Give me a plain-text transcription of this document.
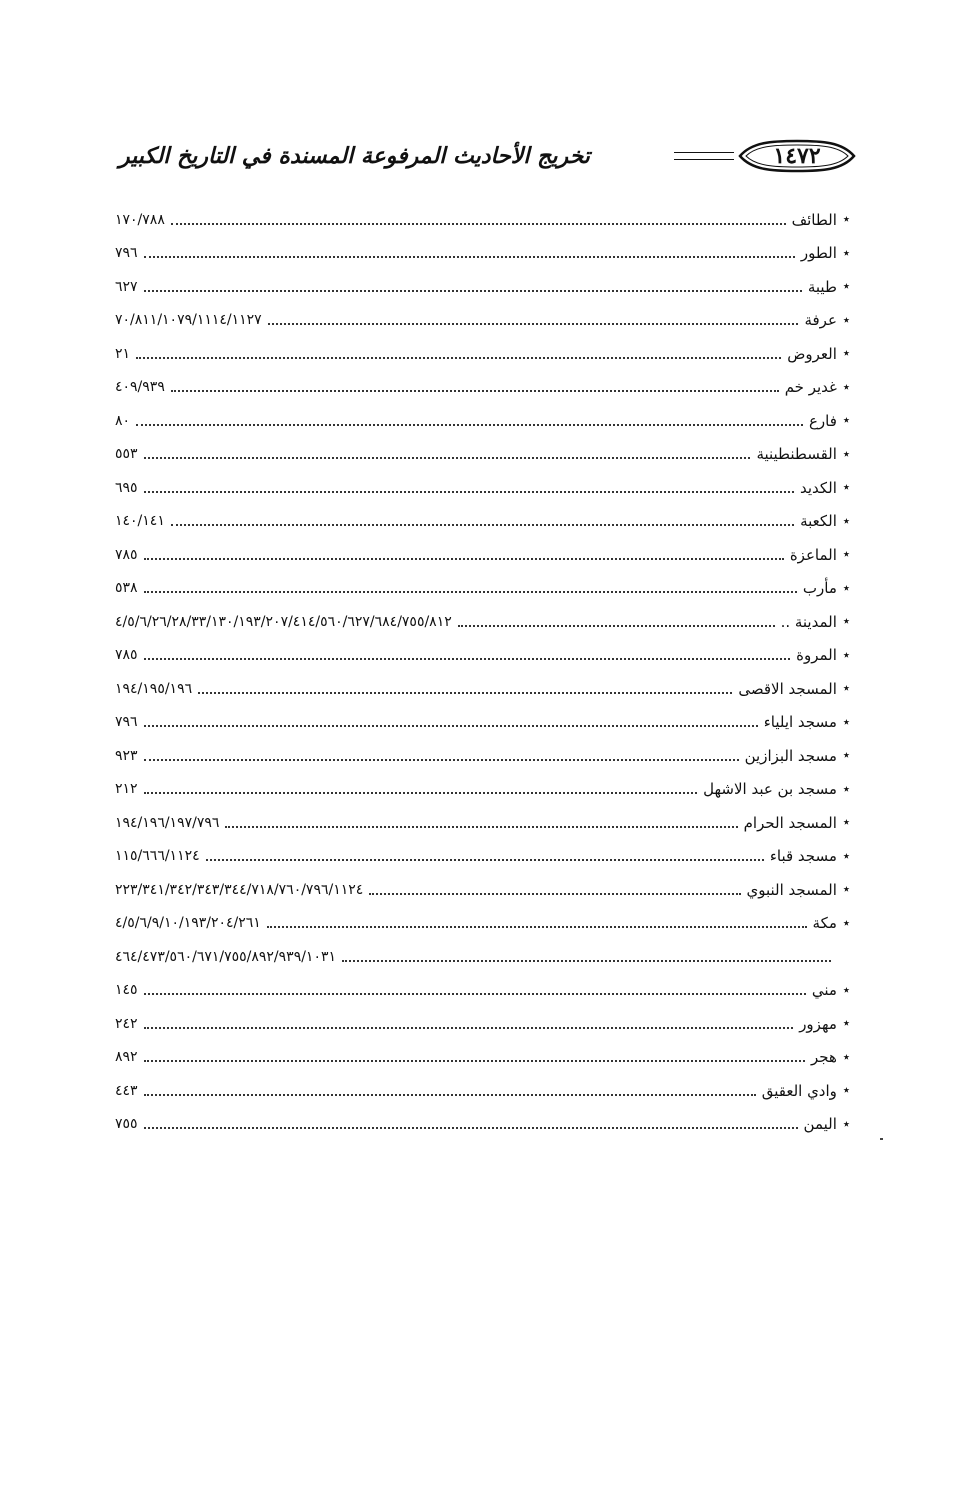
١٤٧٢
تخريج الأحاديث المرفوعة المسندة في التاريخ الكبير
٭
الطائف
١٧٠/٧٨٨
٭
الطور
٧٩٦
٭
طيبة
٦٢٧
٭
عرفة
٧٠/٨١١/١٠٧٩/١١١٤/١١٢٧
٭
العروض
٢١
٭
غدير خم
٤٠٩/٩٣٩
٭
فارع
٨٠
٭
القسطنطينية
٥٥٣
٭
الكديد
٦٩٥
٭
الكعبة
١٤٠/١٤١
٭
الماعزة
٧٨٥
٭
مأرب
٥٣٨
٭
المدينة ..
٤/٥/٦/٢٦/٢٨/٣٣/١٣٠/١٩٣/٢٠٧/٤١٤/٥٦٠/٦٢٧/٦٨٤/٧٥٥/٨١٢
٭
المروة
٧٨٥
٭
المسجد الاقصى
١٩٤/١٩٥/١٩٦
٭
مسجد ايلياء
٧٩٦
٭
مسجد البزازين
٩٢٣
٭
مسجد بن عبد الاشهل
٢١٢
٭
المسجد الحرام
١٩٤/١٩٦/١٩٧/٧٩٦
٭
مسجد قباء
١١٥/٦٦٦/١١٢٤
٭
المسجد النبوي
٢٢٣/٣٤١/٣٤٢/٣٤٣/٣٤٤/٧١٨/٧٦٠/٧٩٦/١١٢٤
٭
مكة
٤/٥/٦/٩/١٠/١٩٣/٢٠٤/٢٦١
٤٦٤/٤٧٣/٥٦٠/٦٧١/٧٥٥/٨٩٢/٩٣٩/١٠٣١
٭
مني
١٤٥
٭
مهزور
٢٤٢
٭
هجر
٨٩٢
٭
وادي العقيق
٤٤٣
٭
اليمن
٧٥٥
